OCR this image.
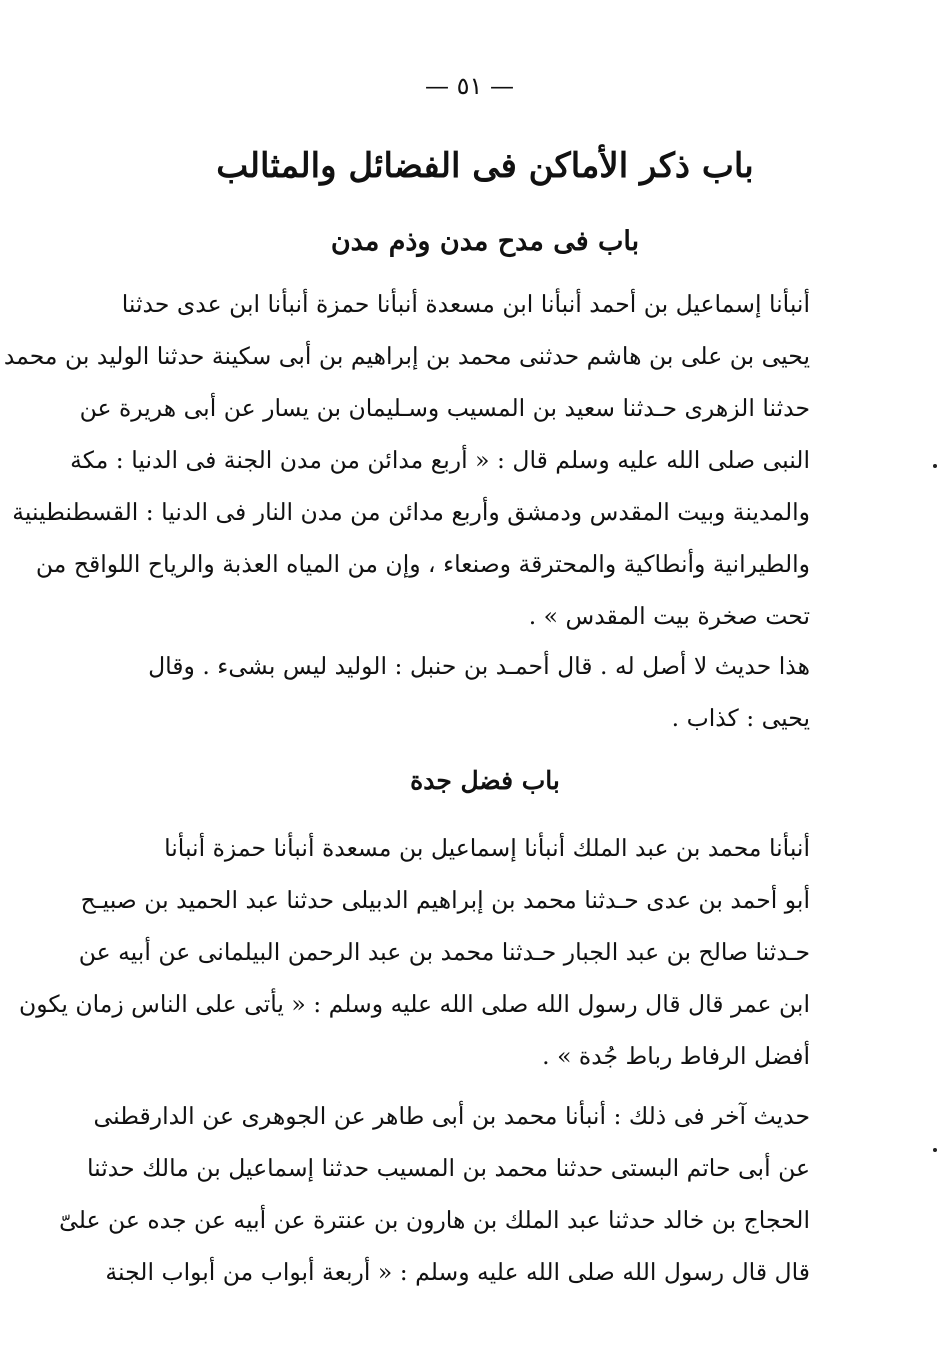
— ٥١ —
باب ذكر الأماكن فى الفضائل والمثالب
باب فى مدح مدن وذم مدن
أنبأنا إسماعيل بن أحمد أنبأنا ابن مسعدة أنبأنا حمزة أنبأنا ابن عدى حدثنا
يحيى بن على بن هاشم حدثنى محمد بن إبراهيم بن أبى سكينة حدثنا الوليد بن محمد
حدثنا الزهرى حـدثنا سعيد بن المسيب وسـليمان بن يسار عن أبى هريرة عن
النبى صلى الله عليه وسلم قال : « أربع مدائن من مدن الجنة فى الدنيا : مكة
والمدينة وبيت المقدس ودمشق وأربع مدائن من مدن النار فى الدنيا : القسطنطينية
والطيرانية وأنطاكية والمحترقة وصنعاء ، وإن من المياه العذبة والرياح اللواقح من
تحت صخرة بيت المقدس » .
هذا حديث لا أصل له . قال أحمـد بن حنبل : الوليد ليس بشىء . وقال
يحيى : كذاب .
باب فضل جدة
أنبأنا محمد بن عبد الملك أنبأنا إسماعيل بن مسعدة أنبأنا حمزة أنبأنا
أبو أحمد بن عدى حـدثنا محمد بن إبراهيم الدبيلى حدثنا عبد الحميد بن صبيـح
حـدثنا صالح بن عبد الجبار حـدثنا محمد بن عبد الرحمن البيلمانى عن أبيه عن
ابن عمر قال قال رسول الله صلى الله عليه وسلم : « يأتى على الناس زمان يكون
أفضل الرفاط رباط جُدة » .
حديث آخر فى ذلك : أنبأنا محمد بن أبى طاهر عن الجوهرى عن الدارقطنى
عن أبى حاتم البستى حدثنا محمد بن المسيب حدثنا إسماعيل بن مالك حدثنا
الحجاج بن خالد حدثنا عبد الملك بن هارون بن عنترة عن أبيه عن جده عن علىّ
قال قال رسول الله صلى الله عليه وسلم : « أربعة أبواب من أبواب الجنة
